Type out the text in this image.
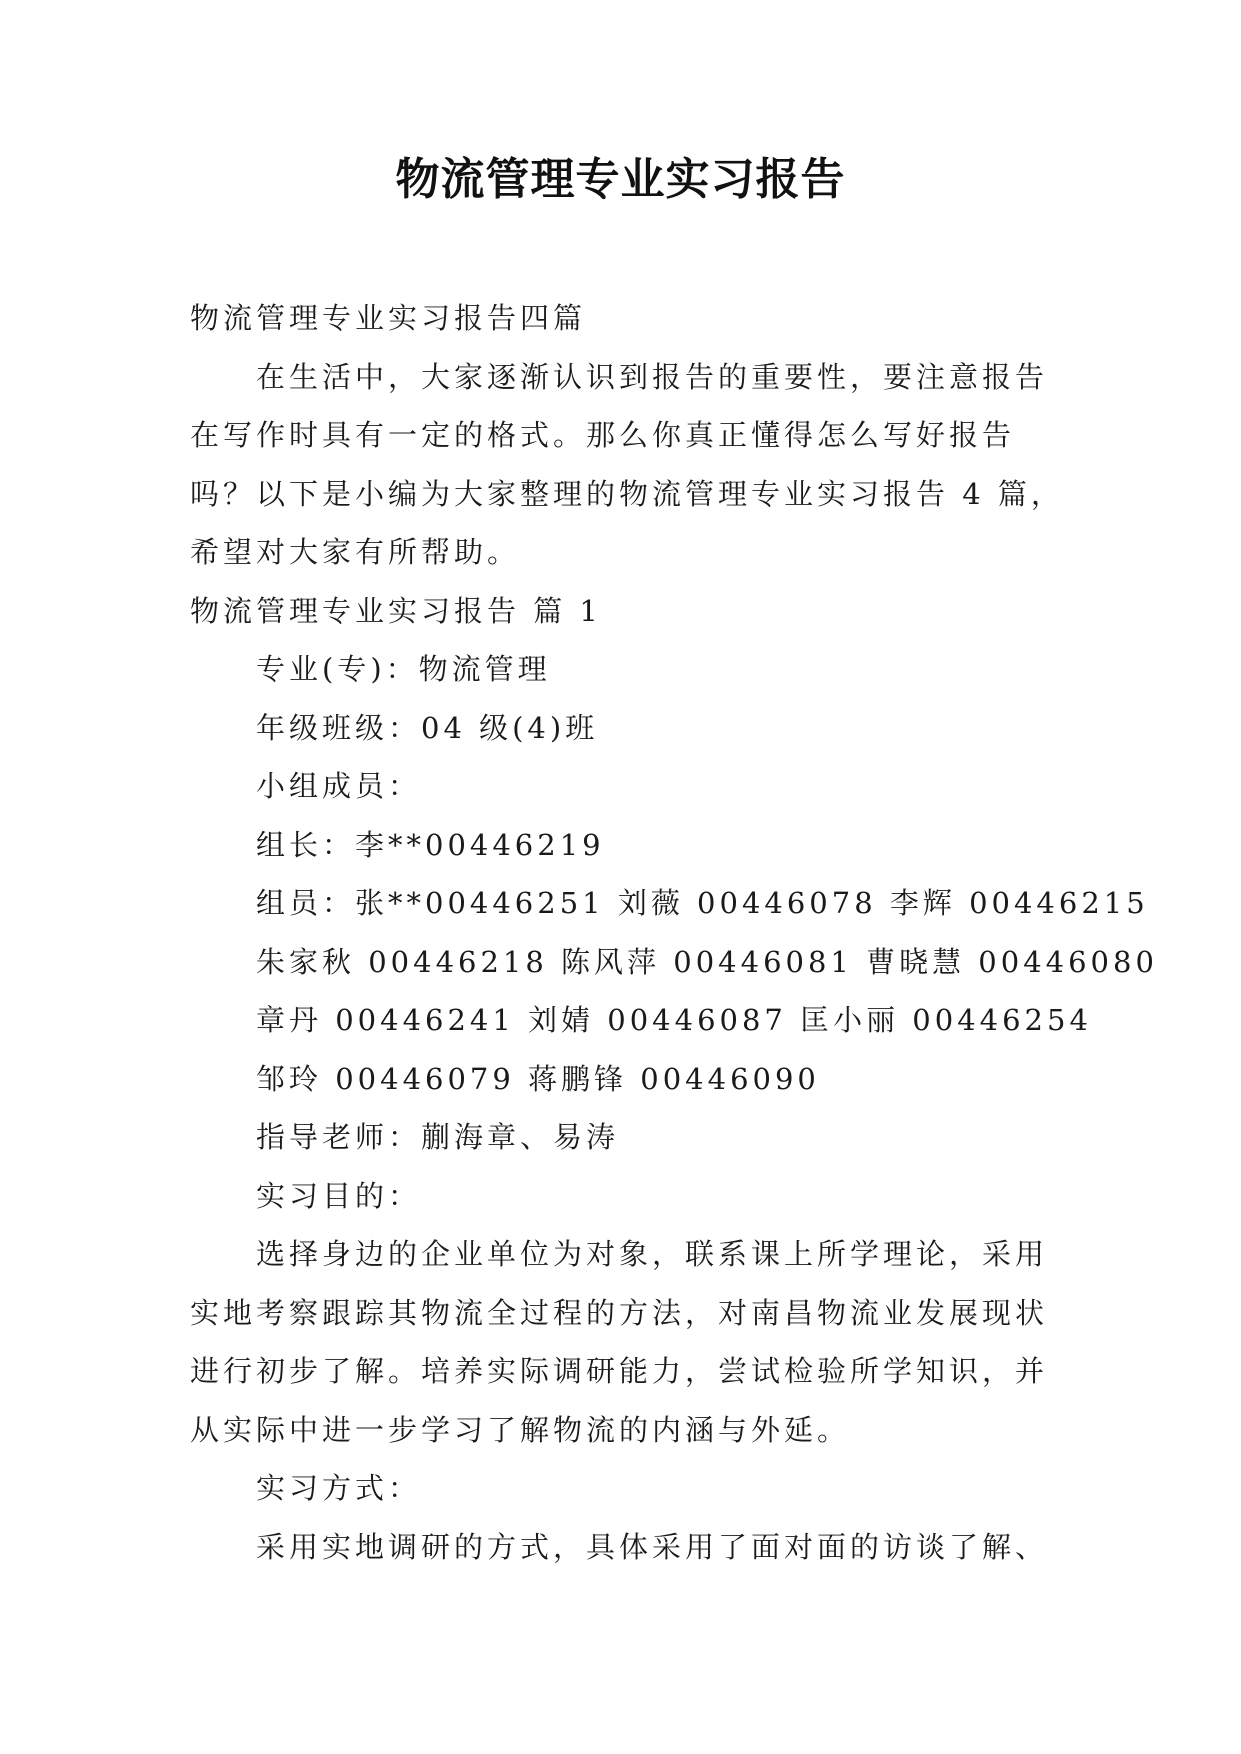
物流管理专业实习报告
物流管理专业实习报告四篇
在生活中，大家逐渐认识到报告的重要性，要注意报告
在写作时具有一定的格式。那么你真正懂得怎么写好报告
吗？以下是小编为大家整理的物流管理专业实习报告 4 篇，
希望对大家有所帮助。
物流管理专业实习报告 篇 1
专业(专)：物流管理
年级班级：04 级(4)班
小组成员：
组长：李**00446219
组员：张**00446251 刘薇 00446078 李辉 00446215
朱家秋 00446218 陈风萍 00446081 曹晓慧 00446080
章丹 00446241 刘婧 00446087 匡小丽 00446254
邹玲 00446079 蒋鹏锋 00446090
指导老师：蒯海章、易涛
实习目的：
选择身边的企业单位为对象，联系课上所学理论，采用
实地考察跟踪其物流全过程的方法，对南昌物流业发展现状
进行初步了解。培养实际调研能力，尝试检验所学知识，并
从实际中进一步学习了解物流的内涵与外延。
实习方式：
采用实地调研的方式，具体采用了面对面的访谈了解、
